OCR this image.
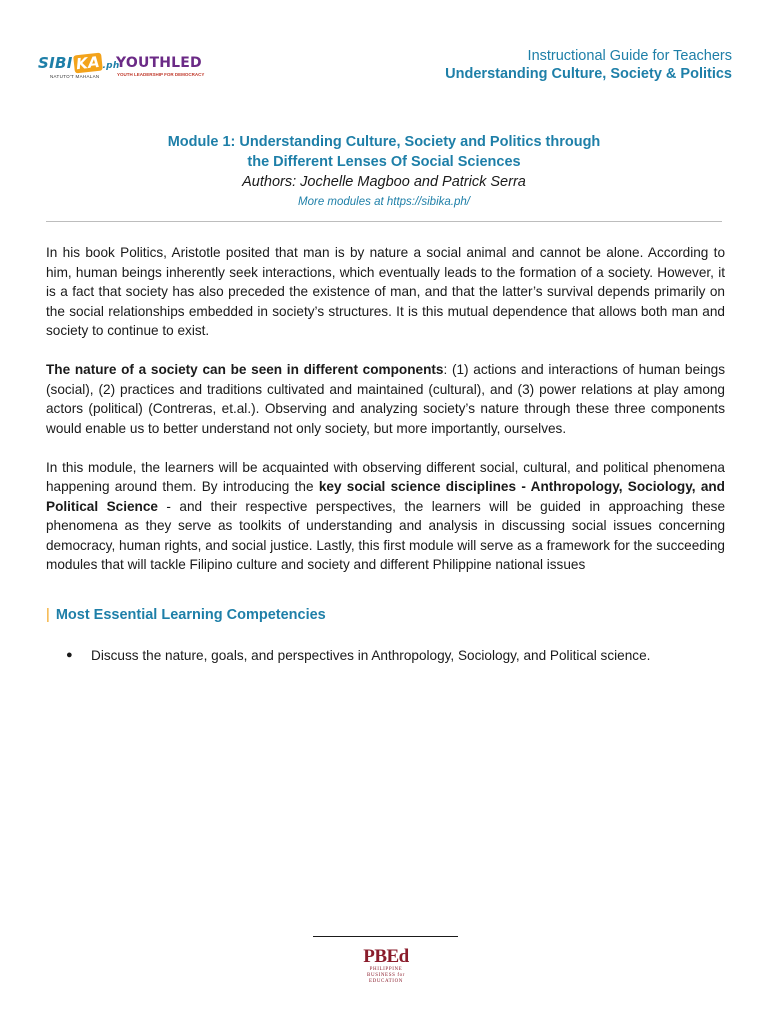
SIBI KA .ph
NATUTO'T MAHALAN
YOUTHLED
YOUTH LEADERSHIP FOR DEMOCRACY
Instructional Guide for Teachers
Understanding Culture, Society & Politics
Module 1: Understanding Culture, Society and Politics through
the Different Lenses Of Social Sciences
Authors: Jochelle Magboo and Patrick Serra
More modules at https://sibika.ph/

In his book Politics, Aristotle posited that man is by nature a social animal and cannot be alone. According to him, human beings inherently seek interactions, which eventually leads to the formation of a society. However, it is a fact that society has also preceded the existence of man, and that the latter’s survival depends primarily on the social relationships embedded in society’s structures. It is this mutual dependence that allows both man and society to continue to exist.

The nature of a society can be seen in different components: (1) actions and interactions of human beings (social), (2) practices and traditions cultivated and maintained (cultural), and (3) power relations at play among actors (political) (Contreras, et.al.). Observing and analyzing society’s nature through these three components would enable us to better understand not only society, but more importantly, ourselves.

In this module, the learners will be acquainted with observing different social, cultural, and political phenomena happening around them. By introducing the key social science disciplines - Anthropology, Sociology, and Political Science - and their respective perspectives, the learners will be guided in approaching these phenomena as they serve as toolkits of understanding and analysis in discussing social issues concerning democracy, human rights, and social justice. Lastly, this first module will serve as a framework for the succeeding modules that will tackle Filipino culture and society and different Philippine national issues

| Most Essential Learning Competencies
●	Discuss the nature, goals, and perspectives in Anthropology, Sociology, and Political science.
PBEd
PHILIPPINE
BUSINESS for
EDUCATION
